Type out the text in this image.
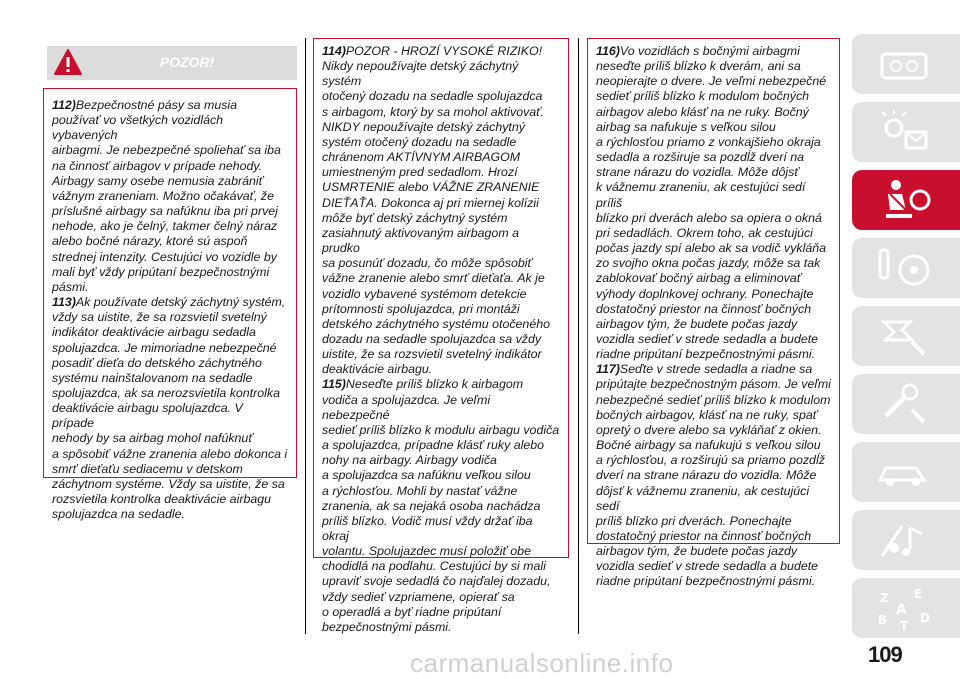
POZOR!

112)Bezpečnostné pásy sa musia

používať vo všetkých vozidlách vybavených

airbagmi. Je nebezpečné spoliehať sa iba

na činnosť airbagov v prípade nehody.

Airbagy samy osebe nemusia zabrániť

vážnym zraneniam. Možno očakávať, že

príslušné airbagy sa nafúknu iba pri prvej

nehode, ako je čelný, takmer čelný náraz

alebo bočné nárazy, ktoré sú aspoň

strednej intenzity. Cestujúci vo vozidle by

mali byť vždy pripútaní bezpečnostnými

pásmi.

113)Ak používate detský záchytný systém,

vždy sa uistite, že sa rozsvietil svetelný

indikátor deaktivácie airbagu sedadla

spolujazdca. Je mimoriadne nebezpečné

posadiť dieťa do detského záchytného

systému nainštalovanom na sedadle

spolujazdca, ak sa nerozsvietila kontrolka

deaktivácie airbagu spolujazdca. V prípade

nehody by sa airbag mohol nafúknuť

a spôsobiť vážne zranenia alebo dokonca i

smrť dieťaťu sediacemu v detskom

záchytnom systéme. Vždy sa uistite, že sa

rozsvietila kontrolka deaktivácie airbagu

spolujazdca na sedadle.

114)POZOR - HROZÍ VYSOKÉ RIZIKO!

Nikdy nepoužívajte detský záchytný systém

otočený dozadu na sedadle spolujazdca

s airbagom, ktorý by sa mohol aktivovať.

NIKDY nepoužívajte detský záchytný

systém otočený dozadu na sedadle

chránenom AKTÍVNYM AIRBAGOM

umiestneným pred sedadlom. Hrozí

USMRTENIE alebo VÁŽNE ZRANENIE

DIEŤAŤA. Dokonca aj pri miernej kolízii

môže byť detský záchytný systém

zasiahnutý aktivovaným airbagom a prudko

sa posunúť dozadu, čo môže spôsobiť

vážne zranenie alebo smrť dieťaťa. Ak je

vozidlo vybavené systémom detekcie

prítomnosti spolujazdca, pri montáži

detského záchytného systému otočeného

dozadu na sedadle spolujazdca sa vždy

uistite, že sa rozsvietil svetelný indikátor

deaktivácie airbagu.

115)Neseďte príliš blízko k airbagom

vodiča a spolujazdca. Je veľmi nebezpečné

sedieť príliš blízko k modulu airbagu vodiča

a spolujazdca, prípadne klásť ruky alebo

nohy na airbagy. Airbagy vodiča

a spolujazdca sa nafúknu veľkou silou

a rýchlosťou. Mohli by nastať vážne

zranenia, ak sa nejaká osoba nachádza

príliš blízko. Vodič musí vždy držať iba okraj

volantu. Spolujazdec musí položiť obe

chodidlá na podlahu. Cestujúci by si mali

upraviť svoje sedadlá čo najďalej dozadu,

vždy sedieť vzpriamene, opierať sa

o operadlá a byť riadne pripútaní

bezpečnostnými pásmi.

116)Vo vozidlách s bočnými airbagmi

neseďte príliš blízko k dverám, ani sa

neopierajte o dvere. Je veľmi nebezpečné

sedieť príliš blízko k modulom bočných

airbagov alebo klásť na ne ruky. Bočný

airbag sa nafukuje s veľkou silou

a rýchlosťou priamo z vonkajšieho okraja

sedadla a rozširuje sa pozdĺž dverí na

strane nárazu do vozidla. Môže dôjsť

k vážnemu zraneniu, ak cestujúci sedí príliš

blízko pri dverách alebo sa opiera o okná

pri sedadlách. Okrem toho, ak cestujúci

počas jazdy spí alebo ak sa vodič vykláňa

zo svojho okna počas jazdy, môže sa tak

zablokovať bočný airbag a eliminovať

výhody doplnkovej ochrany. Ponechajte

dostatočný priestor na činnosť bočných

airbagov tým, že budete počas jazdy

vozidla sedieť v strede sedadla a budete

riadne pripútaní bezpečnostnými pásmi.

117)Seďte v strede sedadla a riadne sa

pripútajte bezpečnostným pásom. Je veľmi

nebezpečné sedieť príliš blízko k modulom

bočných airbagov, klásť na ne ruky, spať

opretý o dvere alebo sa vykláňať z okien.

Bočné airbagy sa nafukujú s veľkou silou

a rýchlosťou, a rozširujú sa priamo pozdĺž

dverí na strane nárazu do vozidla. Môže

dôjsť k vážnemu zraneniu, ak cestujúci sedí

príliš blízko pri dverách. Ponechajte

dostatočný priestor na činnosť bočných

airbagov tým, že budete počas jazdy

vozidla sedieť v strede sedadla a budete

riadne pripútaní bezpečnostnými pásmi.

Z E
A
B	D
T
109
carmanualsonline.info
